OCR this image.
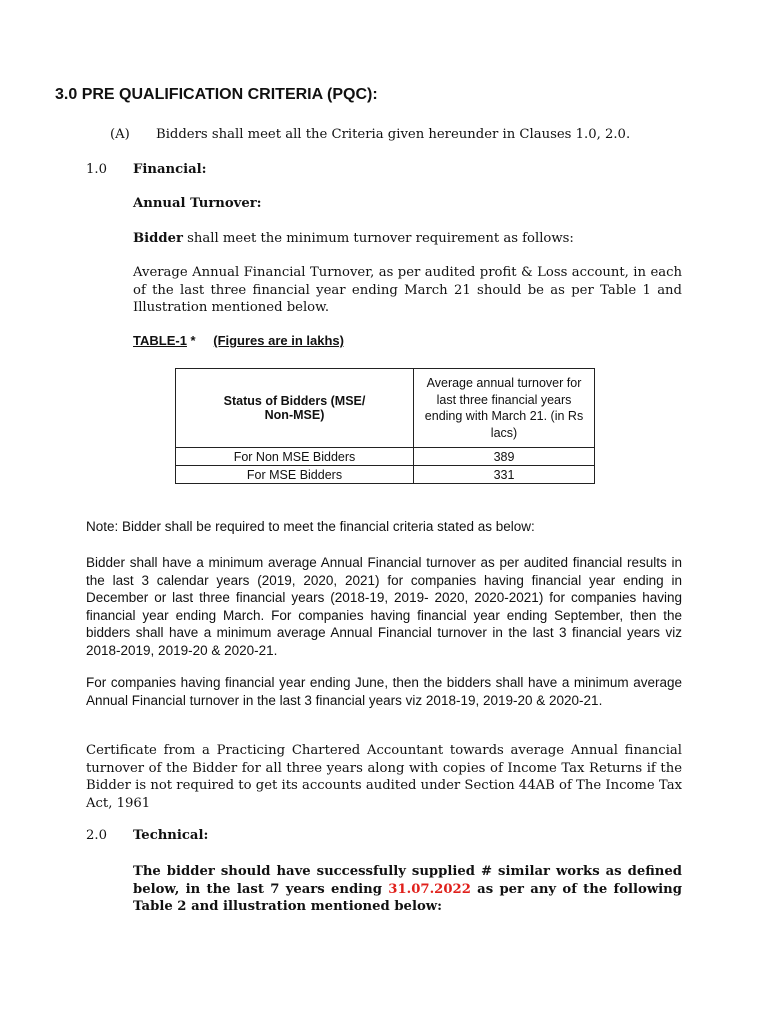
3.0 PRE QUALIFICATION CRITERIA (PQC):
(A) Bidders shall meet all the Criteria given hereunder in Clauses 1.0, 2.0.
1.0 Financial:
Annual Turnover:
Bidder shall meet the minimum turnover requirement as follows:

Average Annual Financial Turnover, as per audited profit & Loss account, in each of the last three financial year ending March 21 should be as per Table 1 and Illustration mentioned below.

TABLE-1 * (Figures are in lakhs)
Status of Bidders (MSE/ Non-MSE)	Average annual turnover for last three financial years ending with March 21. (in Rs lacs)
For Non MSE Bidders	389
For MSE Bidders	331

Note: Bidder shall be required to meet the financial criteria stated as below:

Bidder shall have a minimum average Annual Financial turnover as per audited financial results in the last 3 calendar years (2019, 2020, 2021) for companies having financial year ending in December or last three financial years (2018-19, 2019- 2020, 2020-2021) for companies having financial year ending March. For companies having financial year ending September, then the bidders shall have a minimum average Annual Financial turnover in the last 3 financial years viz 2018-2019, 2019-20 & 2020-21.

For companies having financial year ending June, then the bidders shall have a minimum average Annual Financial turnover in the last 3 financial years viz 2018-19, 2019-20 & 2020-21.

Certificate from a Practicing Chartered Accountant towards average Annual financial turnover of the Bidder for all three years along with copies of Income Tax Returns if the Bidder is not required to get its accounts audited under Section 44AB of The Income Tax Act, 1961

2.0 Technical:

The bidder should have successfully supplied # similar works as defined below, in the last 7 years ending 31.07.2022 as per any of the following Table 2 and illustration mentioned below:
